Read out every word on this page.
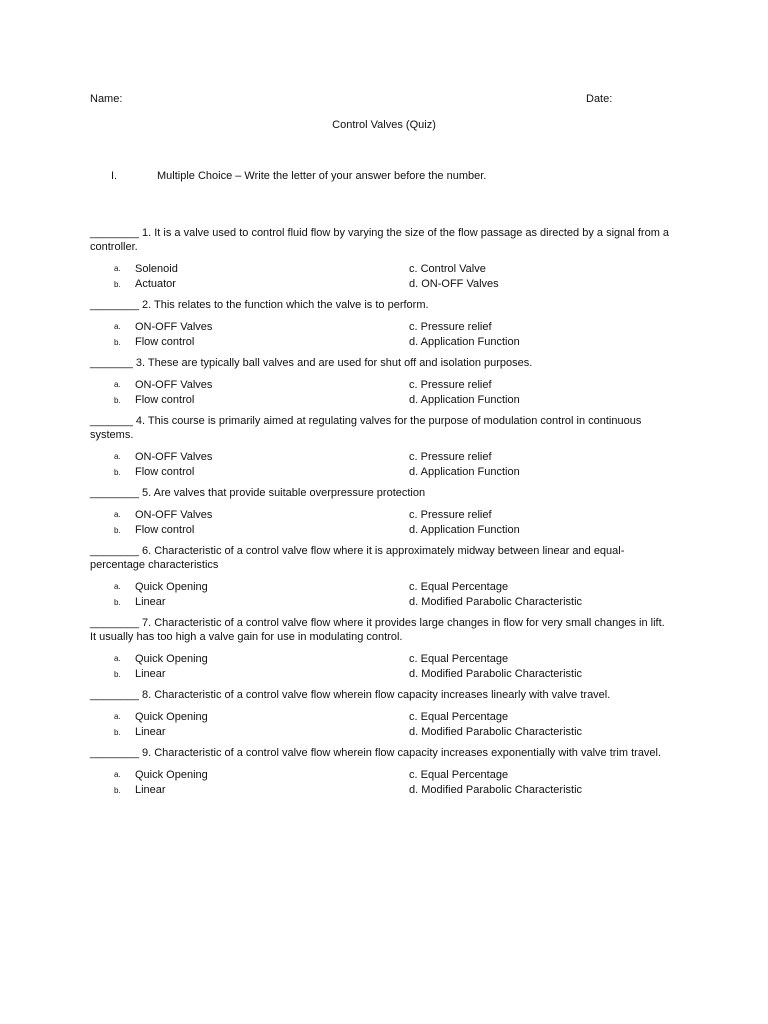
Name:	Date:
Control Valves (Quiz)
I.	Multiple Choice – Write the letter of your answer before the number.

________ 1. It is a valve used to control fluid flow by varying the size of the flow passage as directed by a signal from a controller.

a.	Solenoid	c. Control Valve
b.	Actuator	d. ON-OFF Valves

________ 2. This relates to the function which the valve is to perform.

a.	ON-OFF Valves	c. Pressure relief
b.	Flow control	d. Application Function

_______ 3. These are typically ball valves and are used for shut off and isolation purposes.

a.	ON-OFF Valves	c. Pressure relief
b.	Flow control	d. Application Function

_______ 4. This course is primarily aimed at regulating valves for the purpose of modulation control in continuous systems.

a.	ON-OFF Valves	c. Pressure relief
b.	Flow control	d. Application Function

________ 5. Are valves that provide suitable overpressure protection

a.	ON-OFF Valves	c. Pressure relief
b.	Flow control	d. Application Function

________ 6. Characteristic of a control valve flow where it is approximately midway between linear and equal-percentage characteristics

a.	Quick Opening	c. Equal Percentage
b.	Linear	d. Modified Parabolic Characteristic

________ 7. Characteristic of a control valve flow where it provides large changes in flow for very small changes in lift. It usually has too high a valve gain for use in modulating control.

a.	Quick Opening	c. Equal Percentage
b.	Linear	d. Modified Parabolic Characteristic

________ 8. Characteristic of a control valve flow wherein flow capacity increases linearly with valve travel.

a.	Quick Opening	c. Equal Percentage
b.	Linear	d. Modified Parabolic Characteristic

________ 9. Characteristic of a control valve flow wherein flow capacity increases exponentially with valve trim travel.

a.	Quick Opening	c. Equal Percentage
b.	Linear	d. Modified Parabolic Characteristic
